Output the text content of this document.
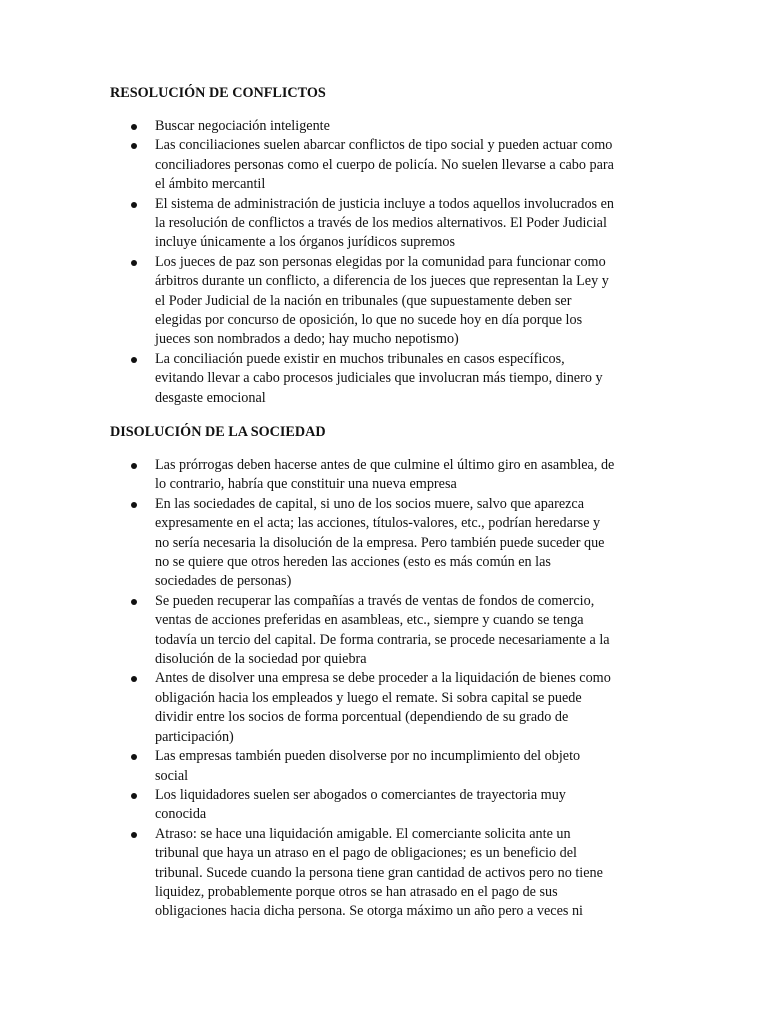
RESOLUCIÓN DE CONFLICTOS
Buscar negociación inteligente
Las conciliaciones suelen abarcar conflictos de tipo social y pueden actuar como
conciliadores personas como el cuerpo de policía. No suelen llevarse a cabo para
el ámbito mercantil
El sistema de administración de justicia incluye a todos aquellos involucrados en
la resolución de conflictos a través de los medios alternativos. El Poder Judicial
incluye únicamente a los órganos jurídicos supremos
Los jueces de paz son personas elegidas por la comunidad para funcionar como
árbitros durante un conflicto, a diferencia de los jueces que representan la Ley y
el Poder Judicial de la nación en tribunales (que supuestamente deben ser
elegidas por concurso de oposición, lo que no sucede hoy en día porque los
jueces son nombrados a dedo; hay mucho nepotismo)
La conciliación puede existir en muchos tribunales en casos específicos,
evitando llevar a cabo procesos judiciales que involucran más tiempo, dinero y
desgaste emocional
DISOLUCIÓN DE LA SOCIEDAD
Las prórrogas deben hacerse antes de que culmine el último giro en asamblea, de
lo contrario, habría que constituir una nueva empresa
En las sociedades de capital, si uno de los socios muere, salvo que aparezca
expresamente en el acta; las acciones, títulos-valores, etc., podrían heredarse y
no sería necesaria la disolución de la empresa. Pero también puede suceder que
no se quiere que otros hereden las acciones (esto es más común en las
sociedades de personas)
Se pueden recuperar las compañías a través de ventas de fondos de comercio,
ventas de acciones preferidas en asambleas, etc., siempre y cuando se tenga
todavía un tercio del capital. De forma contraria, se procede necesariamente a la
disolución de la sociedad por quiebra
Antes de disolver una empresa se debe proceder a la liquidación de bienes como
obligación hacia los empleados y luego el remate. Si sobra capital se puede
dividir entre los socios de forma porcentual (dependiendo de su grado de
participación)
Las empresas también pueden disolverse por no incumplimiento del objeto
social
Los liquidadores suelen ser abogados o comerciantes de trayectoria muy
conocida
Atraso: se hace una liquidación amigable. El comerciante solicita ante un
tribunal que haya un atraso en el pago de obligaciones; es un beneficio del
tribunal. Sucede cuando la persona tiene gran cantidad de activos pero no tiene
liquidez, probablemente porque otros se han atrasado en el pago de sus
obligaciones hacia dicha persona. Se otorga máximo un año pero a veces ni
